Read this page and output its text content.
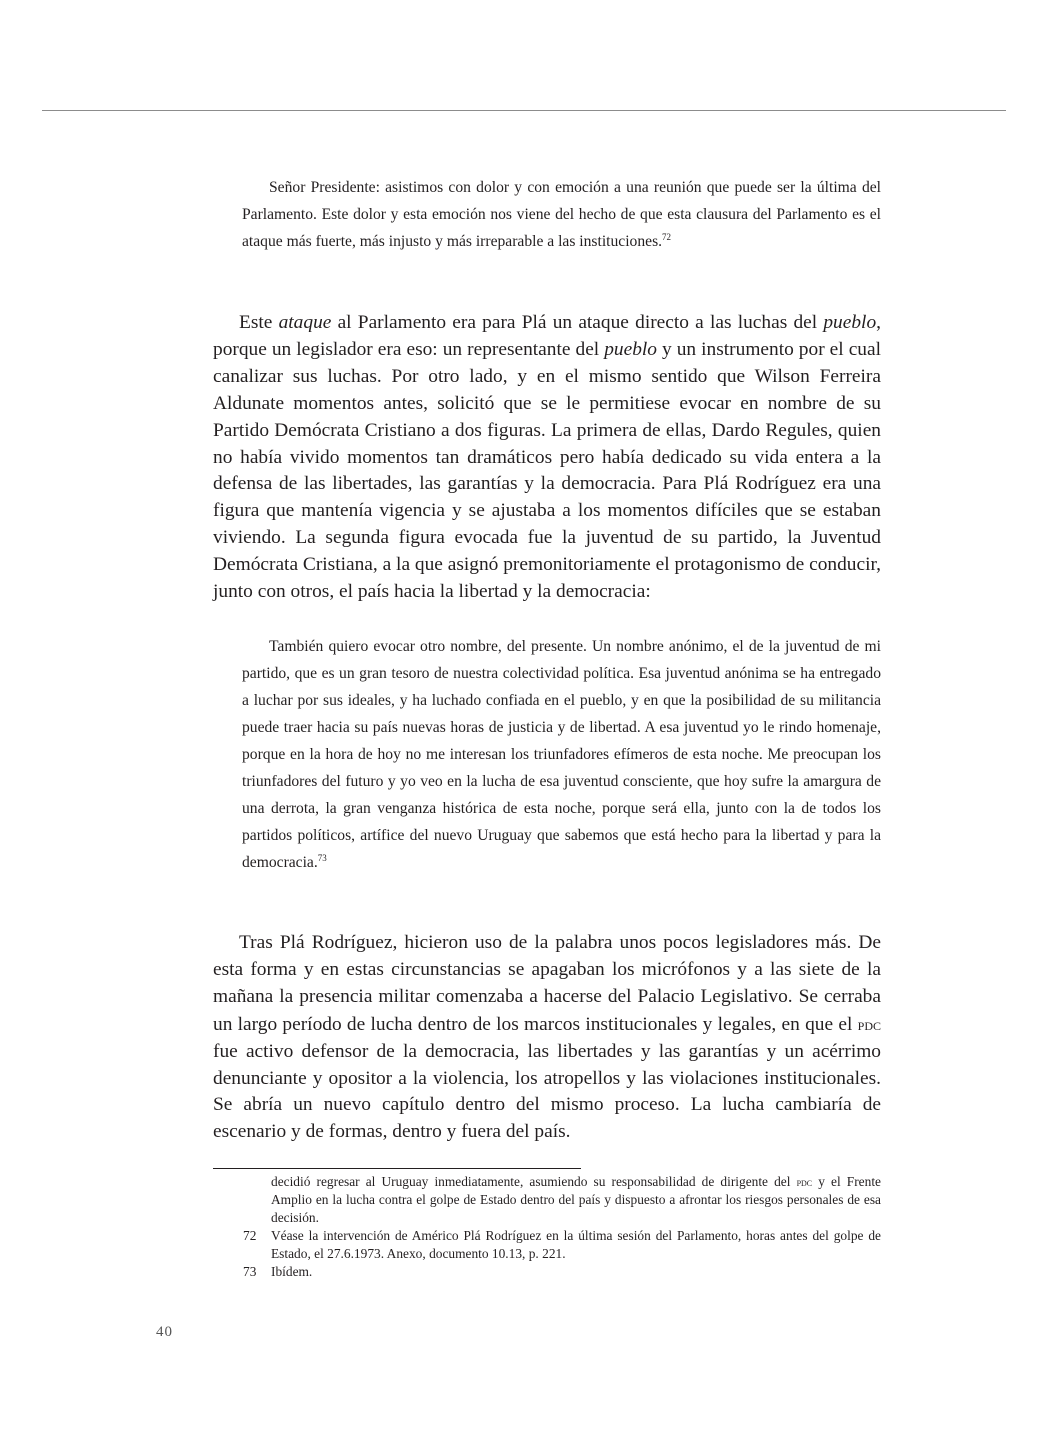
Señor Presidente: asistimos con dolor y con emoción a una reunión que puede ser la última del Parlamento. Este dolor y esta emoción nos viene del hecho de que esta clausura del Parlamento es el ataque más fuerte, más injusto y más irreparable a las instituciones.$^{72}$

Este ataque al Parlamento era para Plá un ataque directo a las luchas del pueblo, porque un legislador era eso: un representante del pueblo y un instrumento por el cual canalizar sus luchas. Por otro lado, y en el mismo sentido que Wilson Ferreira Aldunate momentos antes, solicitó que se le permitiese evocar en nombre de su Partido Demócrata Cristiano a dos figuras. La primera de ellas, Dardo Regules, quien no había vivido momentos tan dramáticos pero había dedicado su vida entera a la defensa de las libertades, las garantías y la democracia. Para Plá Rodríguez era una figura que mantenía vigencia y se ajustaba a los momentos difíciles que se estaban viviendo. La segunda figura evocada fue la juventud de su partido, la Juventud Demócrata Cristiana, a la que asignó premonitoriamente el protagonismo de conducir, junto con otros, el país hacia la libertad y la democracia:

También quiero evocar otro nombre, del presente. Un nombre anónimo, el de la juventud de mi partido, que es un gran tesoro de nuestra colectividad política. Esa juventud anónima se ha entregado a luchar por sus ideales, y ha luchado confiada en el pueblo, y en que la posibilidad de su militancia puede traer hacia su país nuevas horas de justicia y de libertad. A esa juventud yo le rindo homenaje, porque en la hora de hoy no me interesan los triunfadores efímeros de esta noche. Me preocupan los triunfadores del futuro y yo veo en la lucha de esa juventud consciente, que hoy sufre la amargura de una derrota, la gran venganza histórica de esta noche, porque será ella, junto con la de todos los partidos políticos, artífice del nuevo Uruguay que sabemos que está hecho para la libertad y para la democracia.$^{73}$

Tras Plá Rodríguez, hicieron uso de la palabra unos pocos legisladores más. De esta forma y en estas circunstancias se apagaban los micrófonos y a las siete de la mañana la presencia militar comenzaba a hacerse del Palacio Legislativo. Se cerraba un largo período de lucha dentro de los marcos institucionales y legales, en que el pdc fue activo defensor de la democracia, las libertades y las garantías y un acérrimo denunciante y opositor a la violencia, los atropellos y las violaciones institucionales. Se abría un nuevo capítulo dentro del mismo proceso. La lucha cambiaría de escenario y de formas, dentro y fuera del país.

decidió regresar al Uruguay inmediatamente, asumiendo su responsabilidad de dirigente del pdc y el Frente Amplio en la lucha contra el golpe de Estado dentro del país y dispuesto a afrontar los riesgos personales de esa decisión.
72	Véase la intervención de Américo Plá Rodríguez en la última sesión del Parlamento, horas antes del golpe de Estado, el 27.6.1973. Anexo, documento 10.13, p. 221.
73	Ibídem.
40
